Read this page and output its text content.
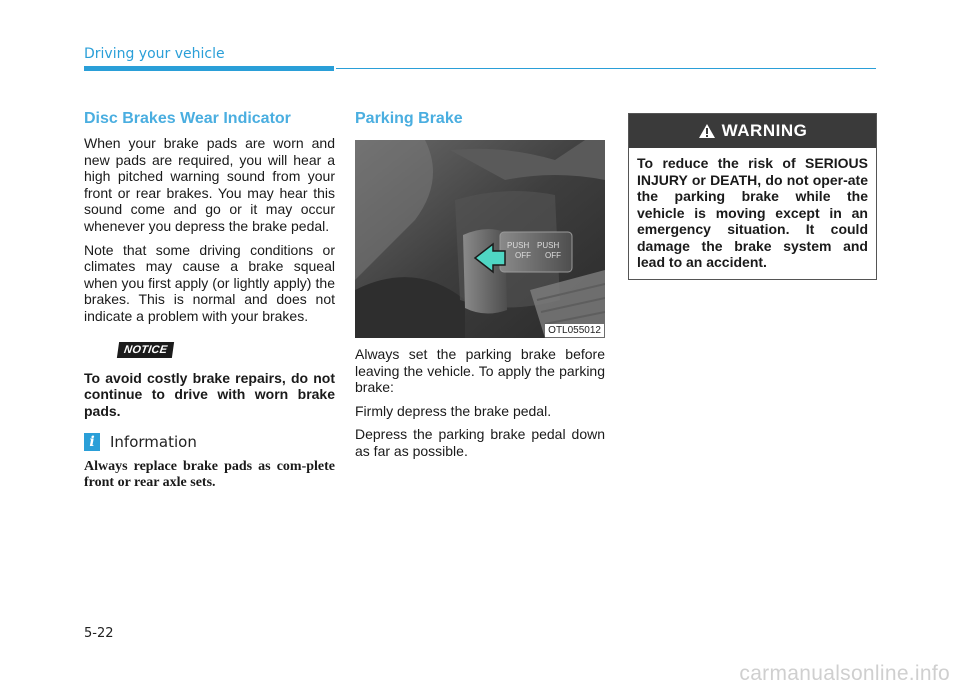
Driving your vehicle
Disc Brakes Wear Indicator

When your brake pads are worn and new pads are required, you will hear a high pitched warning sound from your front or rear brakes. You may hear this sound come and go or it may occur whenever you depress the brake pedal.

Note that some driving conditions or climates may cause a brake squeal when you first apply (or lightly apply) the brakes. This is normal and does not indicate a problem with your brakes.

NOTICE

To avoid costly brake repairs, do not continue to drive with worn brake pads.

i	Information

Always replace brake pads as com-plete front or rear axle sets.

Parking Brake
PUSH
OFF
PUSH
OFF
OTL055012

Always set the parking brake before leaving the vehicle. To apply the parking brake:

Firmly depress the brake pedal.

Depress the parking brake pedal down as far as possible.

WARNING
To reduce the risk of SERIOUS INJURY or DEATH, do not oper-ate the parking brake while the vehicle is moving except in an emergency situation. It could damage the brake system and lead to an accident.
5-22
carmanualsonline.info
